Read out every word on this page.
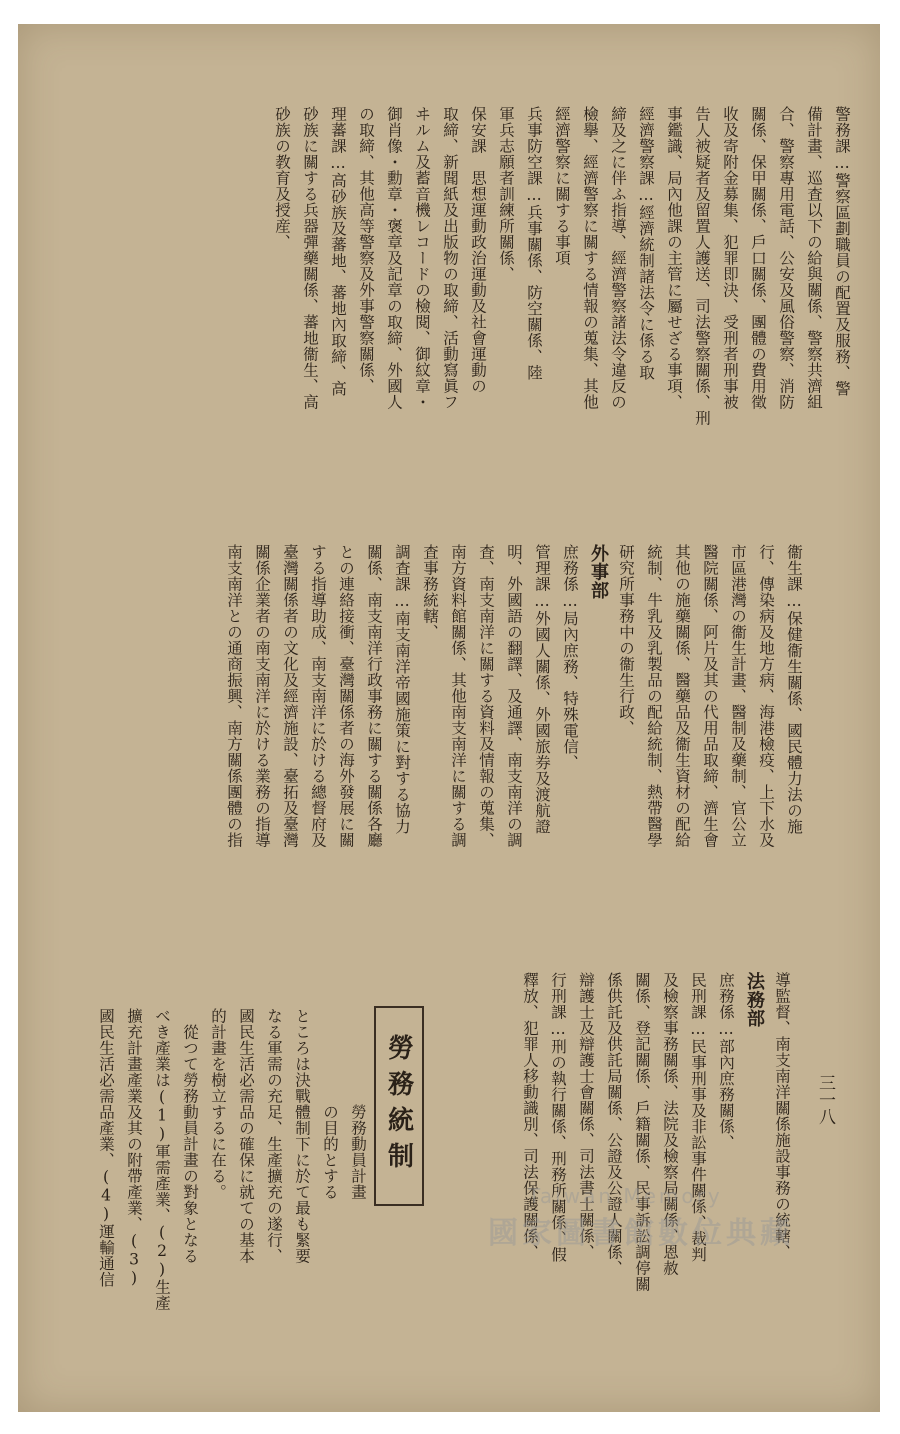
警務課…警察區劃職員の配置及服務、警
備計畫、巡査以下の給與關係、警察共濟組
合、警察專用電話、公安及風俗警察、消防
關係、保甲關係、戶口關係、團體の費用徵
收及寄附金募集、犯罪即決、受刑者刑事被
告人被疑者及留置人護送、司法警察關係、刑
事鑑識、局內他課の主管に屬せざる事項、
經濟警察課…經濟統制諸法令に係る取
締及之に伴ふ指導、經濟警察諸法令違反の
檢擧、經濟警察に關する情報の蒐集、其他
經濟警察に關する事項
兵事防空課…兵事關係、防空關係、陸
軍兵志願者訓練所關係、
保安課　思想運動政治運動及社會運動の
取締、新聞紙及出版物の取締、活動寫眞フ
ヰルム及蓄音機レコードの檢閱、御紋章・
御肖像・勳章・褒章及記章の取締、外國人
の取締、其他高等警察及外事警察關係、
理蕃課…高砂族及蕃地、蕃地內取締、高
砂族に關する兵器彈藥關係、蕃地衞生、高
砂族の教育及授産、
衞生課…保健衞生關係、國民體力法の施
行、傳染病及地方病、海港檢疫、上下水及
市區港灣の衞生計畫、醫制及藥制、官公立
醫院關係、阿片及其の代用品取締、濟生會
其他の施藥關係、醫藥品及衞生資材の配給
統制、牛乳及乳製品の配給統制、熱帶醫學
研究所事務中の衞生行政、
外事部
庶務係…局內庶務、特殊電信、
管理課…外國人關係、外國旅券及渡航證
明、外國語の翻譯、及通譯、南支南洋の調
査、南支南洋に關する資料及情報の蒐集、
南方資料館關係、其他南支南洋に關する調
査事務統轄、
調査課…南支南洋帝國施策に對する協力
關係、南支南洋行政事務に關する關係各廳
との連絡接衝、臺灣關係者の海外發展に關
する指導助成、南支南洋に於ける總督府及
臺灣關係者の文化及經濟施設、臺拓及臺灣
關係企業者の南支南洋に於ける業務の指導
南支南洋との通商振興、南方關係團體の指
導監督、南支南洋關係施設事務の統轄、
法務部
庶務係…部內庶務關係、
民刑課…民事刑事及非訟事件關係、裁判
及檢察事務關係、法院及檢察局關係、恩赦
關係、登記關係、戶籍關係、民事訴訟調停關
係供託及供託局關係、公證及公證人關係、
辯護士及辯護士會關係、司法書士關係、
行刑課…刑の執行關係、刑務所關係、假
釋放、犯罪人移動識別、司法保護關係、	三一八
勞務統制
　　　　　　勞務動員計畫
　　　　　　の目的とする
ところは決戰體制下に於て最も緊要
なる軍需の充足、生產擴充の遂行、
國民生活必需品の確保に就ての基本
的計畫を樹立するに在る。
　從つて勞務動員計畫の對象となる
べき產業は(1)軍需產業、(2)生產
擴充計畫產業及其の附帶產業、(3)
國民生活必需品產業、(4)運輸通信	Taiwan Memory
國家圖書館數位典藏
